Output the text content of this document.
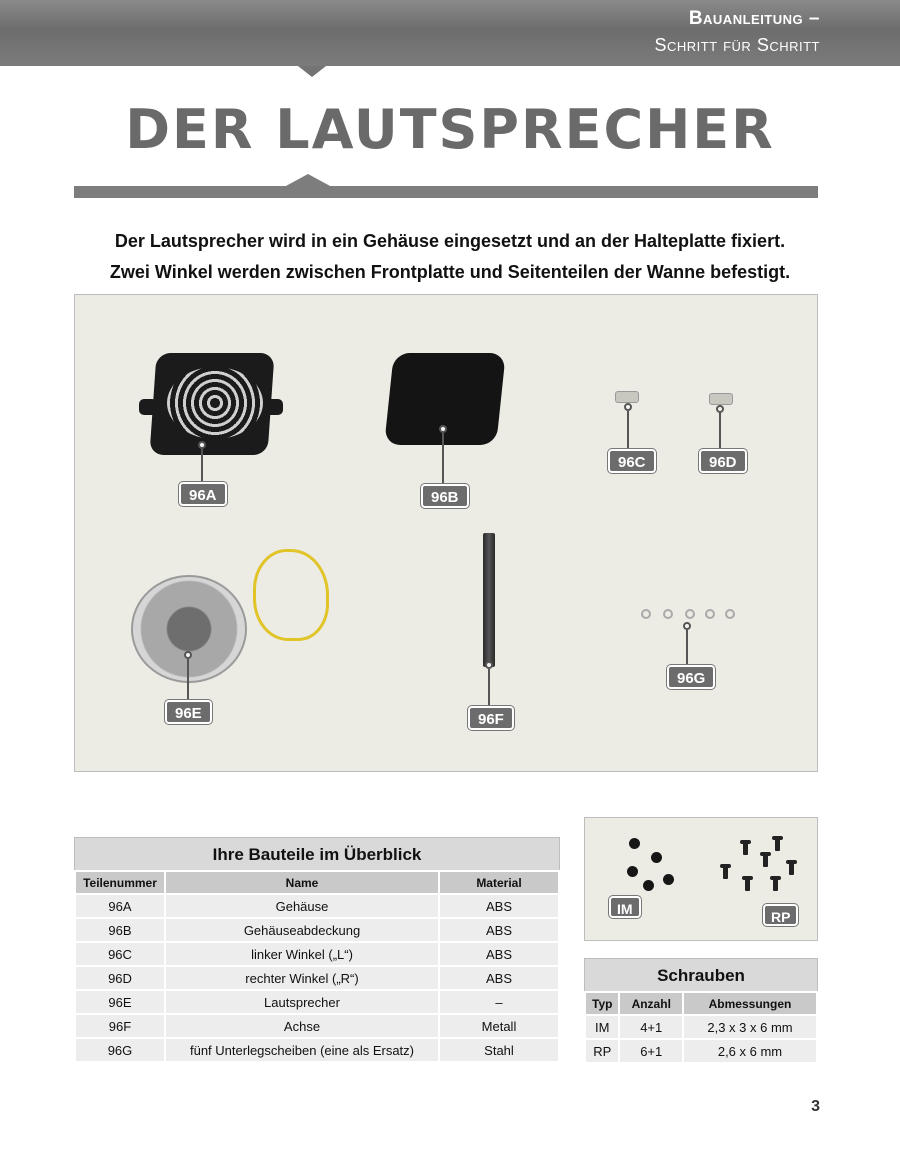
Bauanleitung –
Schritt für Schritt
DER LAUTSPRECHER
Der Lautsprecher wird in ein Gehäuse eingesetzt und an der Halteplatte fixiert.
Zwei Winkel werden zwischen Frontplatte und Seitenteilen der Wanne befestigt.
96A	96B
96C	96D
96E	96F
96G
Ihre Bauteile im Überblick
Teilenummer	Name	Material
96A	Gehäuse	ABS
96B	Gehäuseabdeckung	ABS
96C	linker Winkel („L“)	ABS
96D	rechter Winkel („R“)	ABS
96E	Lautsprecher	–
96F	Achse	Metall
96G	fünf Unterlegscheiben (eine als Ersatz)	Stahl
IM	RP
Schrauben
Typ	Anzahl	Abmessungen
IM	4+1	2,3 x 3 x 6 mm
RP	6+1	2,6 x 6 mm
3
